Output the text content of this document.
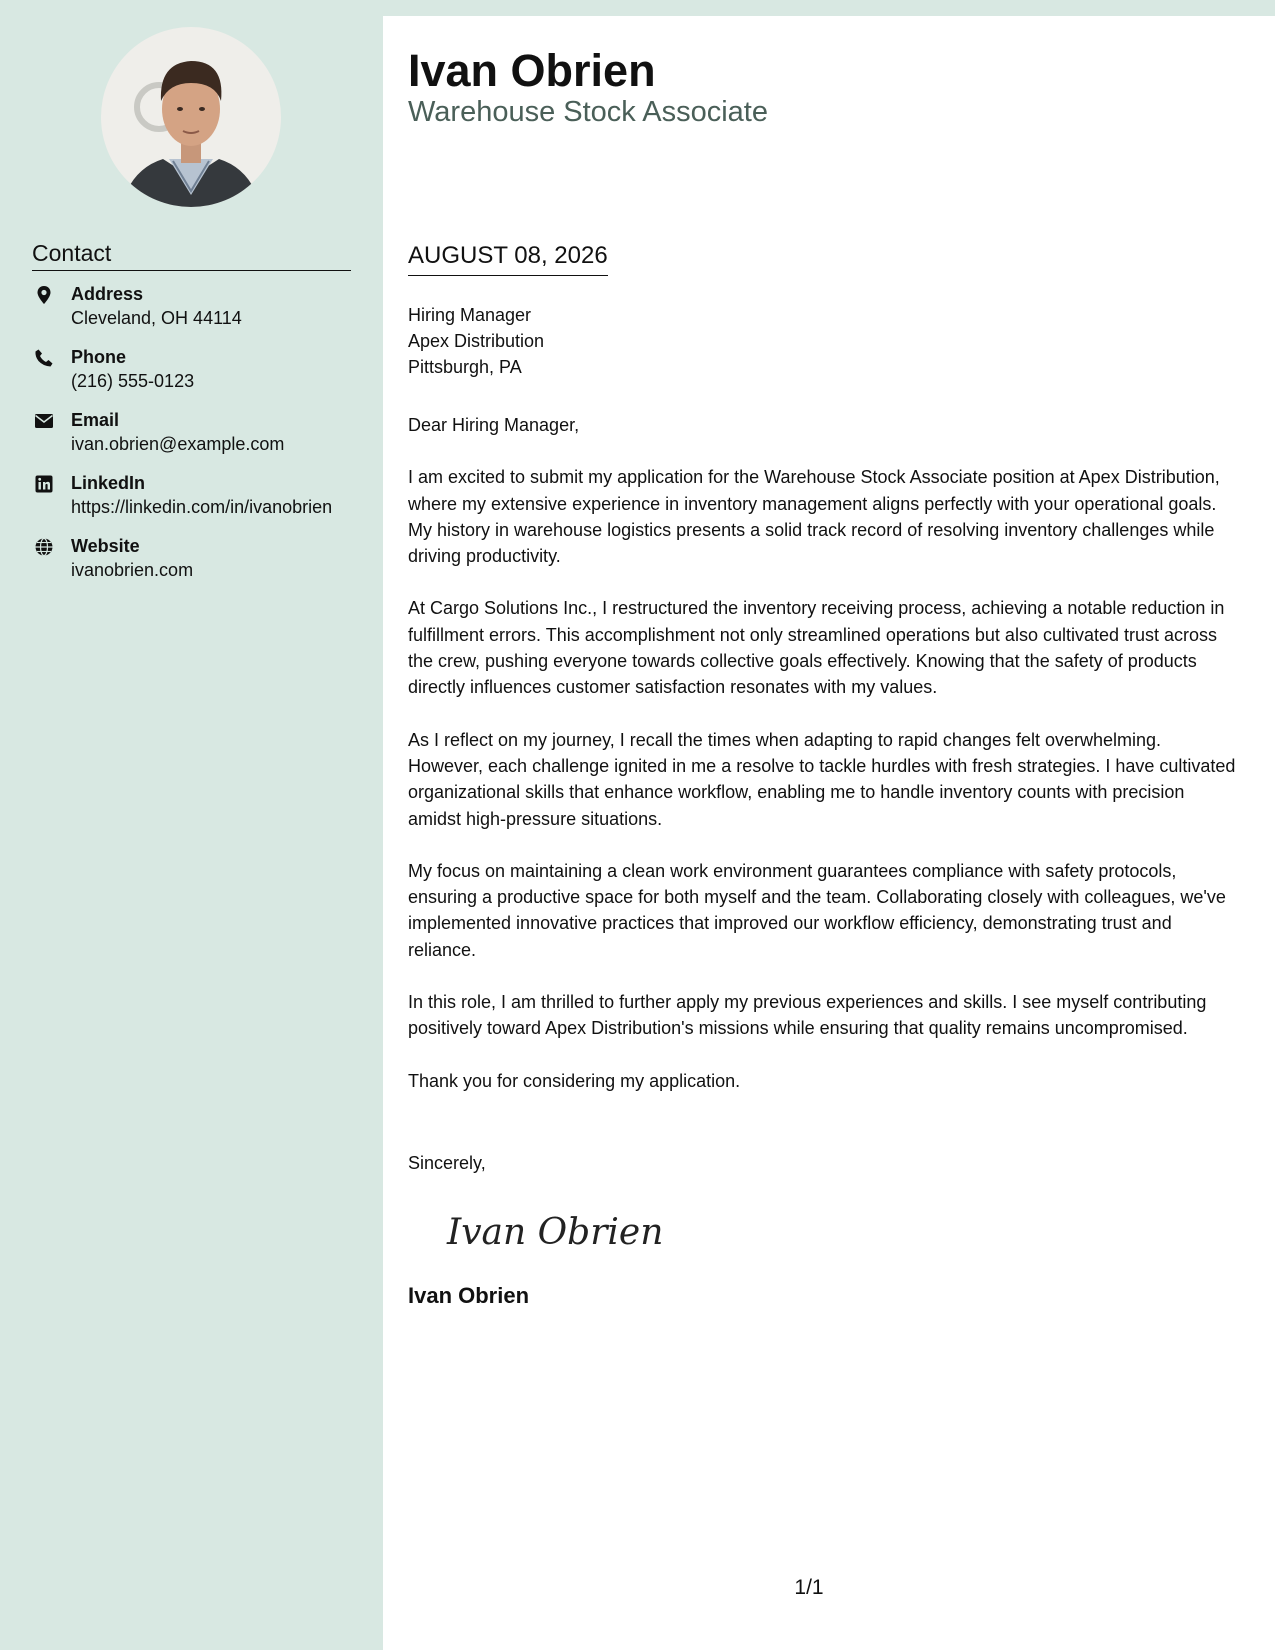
Contact
Address
Cleveland, OH 44114
Phone
(216) 555-0123
Email
ivan.obrien@example.com
LinkedIn
https://linkedin.com/in/ivanobrien
Website
ivanobrien.com
Ivan Obrien
Warehouse Stock Associate
AUGUST 08, 2026
Hiring Manager
Apex Distribution
Pittsburgh, PA

Dear Hiring Manager,

I am excited to submit my application for the Warehouse Stock Associate position at Apex Distribution, where my extensive experience in inventory management aligns perfectly with your operational goals. My history in warehouse logistics presents a solid track record of resolving inventory challenges while driving productivity.

At Cargo Solutions Inc., I restructured the inventory receiving process, achieving a notable reduction in fulfillment errors. This accomplishment not only streamlined operations but also cultivated trust across the crew, pushing everyone towards collective goals effectively. Knowing that the safety of products directly influences customer satisfaction resonates with my values.

As I reflect on my journey, I recall the times when adapting to rapid changes felt overwhelming. However, each challenge ignited in me a resolve to tackle hurdles with fresh strategies. I have cultivated organizational skills that enhance workflow, enabling me to handle inventory counts with precision amidst high-pressure situations.

My focus on maintaining a clean work environment guarantees compliance with safety protocols, ensuring a productive space for both myself and the team. Collaborating closely with colleagues, we've implemented innovative practices that improved our workflow efficiency, demonstrating trust and reliance.

In this role, I am thrilled to further apply my previous experiences and skills. I see myself contributing positively toward Apex Distribution's missions while ensuring that quality remains uncompromised.

Thank you for considering my application.

Sincerely,
Ivan Obrien
Ivan Obrien
1/1
